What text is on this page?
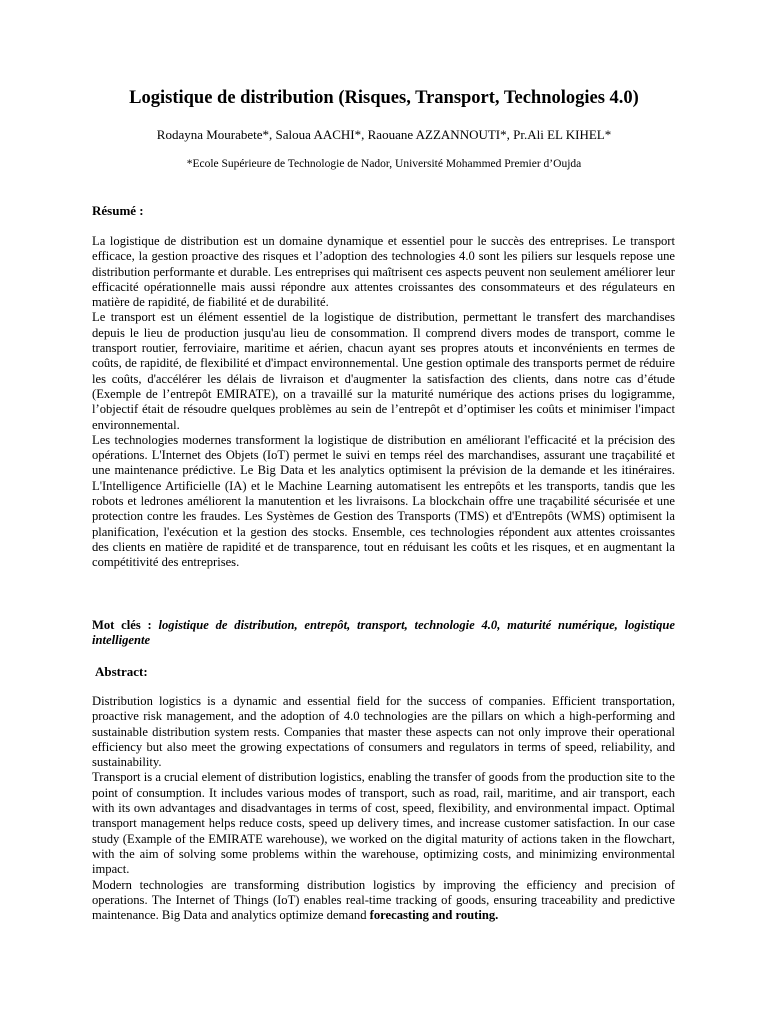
Logistique de distribution (Risques, Transport, Technologies 4.0)
Rodayna Mourabete*, Saloua AACHI*, Raouane AZZANNOUTI*, Pr.Ali EL KIHEL*
*Ecole Supérieure de Technologie de Nador, Université Mohammed Premier d’Oujda
Résumé :

La logistique de distribution est un domaine dynamique et essentiel pour le succès des entreprises. Le transport efficace, la gestion proactive des risques et l’adoption des technologies 4.0 sont les piliers sur lesquels repose une distribution performante et durable. Les entreprises qui maîtrisent ces aspects peuvent non seulement améliorer leur efficacité opérationnelle mais aussi répondre aux attentes croissantes des consommateurs et des régulateurs en matière de rapidité, de fiabilité et de durabilité.

Le transport est un élément essentiel de la logistique de distribution, permettant le transfert des marchandises depuis le lieu de production jusqu'au lieu de consommation. Il comprend divers modes de transport, comme le transport routier, ferroviaire, maritime et aérien, chacun ayant ses propres atouts et inconvénients en termes de coûts, de rapidité, de flexibilité et d'impact environnemental. Une gestion optimale des transports permet de réduire les coûts, d'accélérer les délais de livraison et d'augmenter la satisfaction des clients, dans notre cas d’étude (Exemple de l’entrepôt EMIRATE), on a travaillé sur la maturité numérique des actions prises du logigramme, l’objectif était de résoudre quelques problèmes au sein de l’entrepôt et d’optimiser les coûts et minimiser l'impact environnemental.

Les technologies modernes transforment la logistique de distribution en améliorant l'efficacité et la précision des opérations. L'Internet des Objets (IoT) permet le suivi en temps réel des marchandises, assurant une traçabilité et une maintenance prédictive. Le Big Data et les analytics optimisent la prévision de la demande et les itinéraires. L'Intelligence Artificielle (IA) et le Machine Learning automatisent les entrepôts et les transports, tandis que les robots et ledrones améliorent la manutention et les livraisons. La blockchain offre une traçabilité sécurisée et une protection contre les fraudes. Les Systèmes de Gestion des Transports (TMS) et d'Entrepôts (WMS) optimisent la planification, l'exécution et la gestion des stocks. Ensemble, ces technologies répondent aux attentes croissantes des clients en matière de rapidité et de transparence, tout en réduisant les coûts et les risques, et en augmentant la compétitivité des entreprises.

Mot clés : logistique de distribution, entrepôt, transport, technologie 4.0, maturité numérique, logistique intelligente

Abstract:

Distribution logistics is a dynamic and essential field for the success of companies. Efficient transportation, proactive risk management, and the adoption of 4.0 technologies are the pillars on which a high-performing and sustainable distribution system rests. Companies that master these aspects can not only improve their operational efficiency but also meet the growing expectations of consumers and regulators in terms of speed, reliability, and sustainability.

Transport is a crucial element of distribution logistics, enabling the transfer of goods from the production site to the point of consumption. It includes various modes of transport, such as road, rail, maritime, and air transport, each with its own advantages and disadvantages in terms of cost, speed, flexibility, and environmental impact. Optimal transport management helps reduce costs, speed up delivery times, and increase customer satisfaction. In our case study (Example of the EMIRATE warehouse), we worked on the digital maturity of actions taken in the flowchart, with the aim of solving some problems within the warehouse, optimizing costs, and minimizing environmental impact.

Modern technologies are transforming distribution logistics by improving the efficiency and precision of operations. The Internet of Things (IoT) enables real-time tracking of goods, ensuring traceability and predictive maintenance. Big Data and analytics optimize demand forecasting and routing.
